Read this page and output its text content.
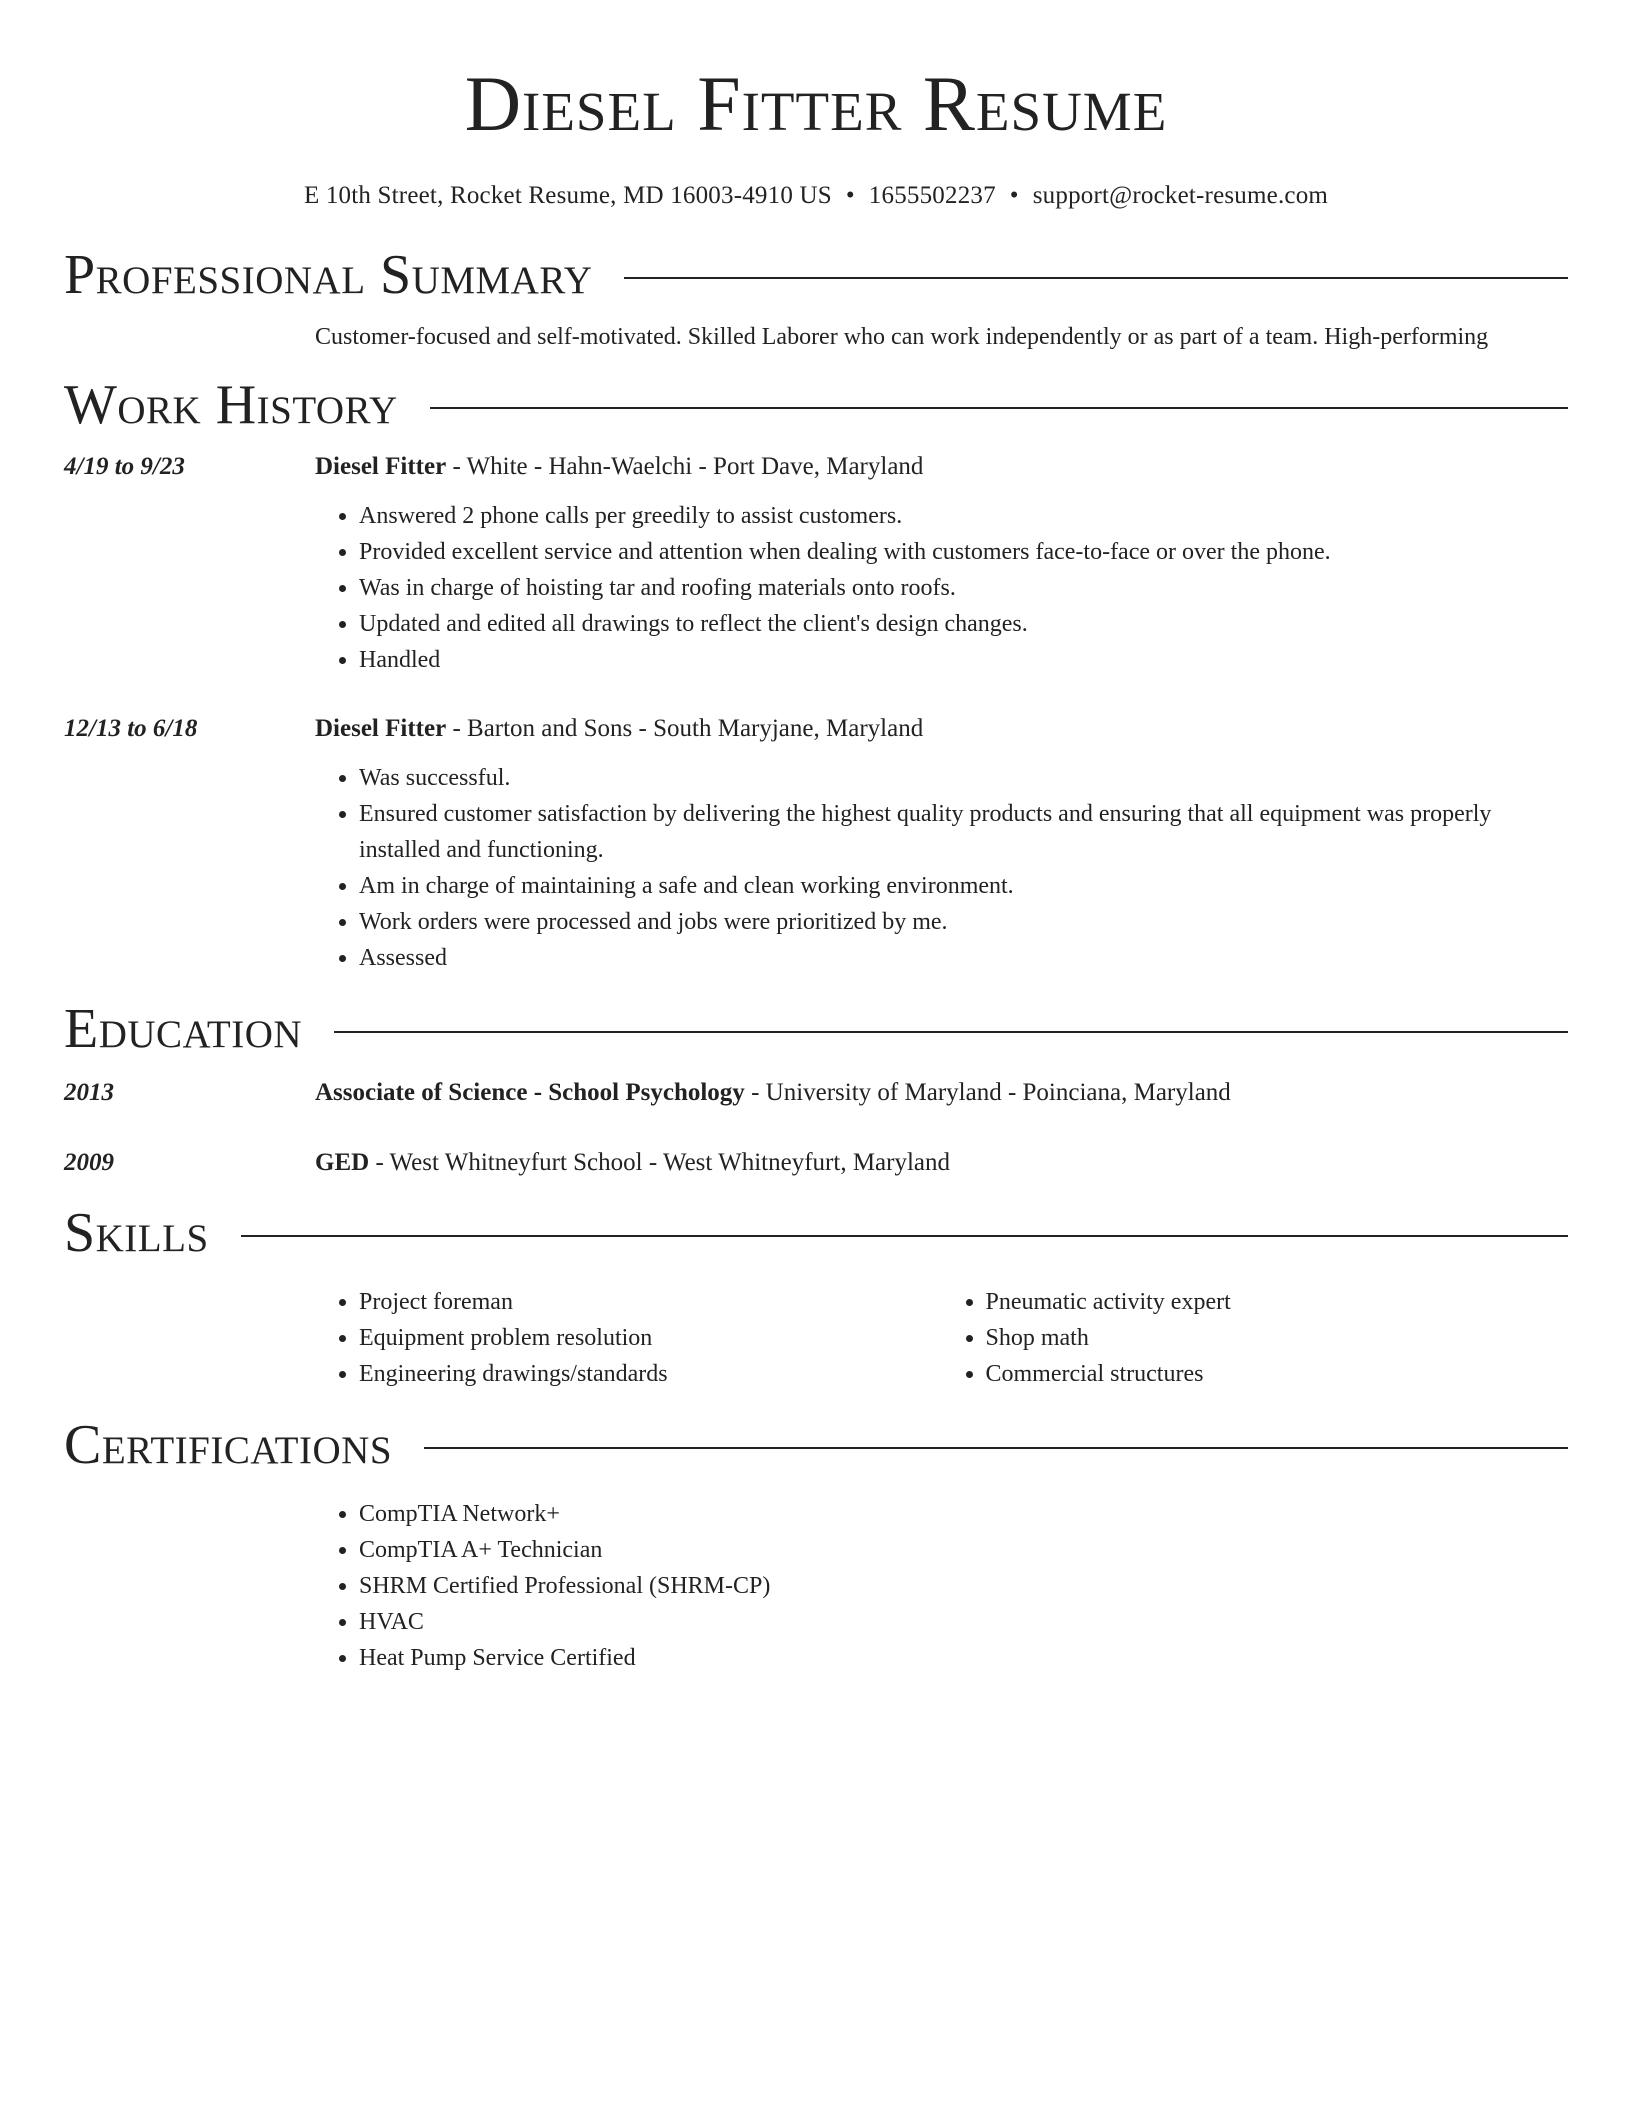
Diesel Fitter Resume
E 10th Street, Rocket Resume, MD 16003-4910 US • 1655502237 • support@rocket-resume.com
Professional Summary
Customer-focused and self-motivated. Skilled Laborer who can work independently or as part of a team. High-performing
Work History
4/19 to 9/23	Diesel Fitter - White - Hahn-Waelchi - Port Dave, Maryland
• Answered 2 phone calls per greedily to assist customers.
• Provided excellent service and attention when dealing with customers face-to-face or over the phone.
• Was in charge of hoisting tar and roofing materials onto roofs.
• Updated and edited all drawings to reflect the client's design changes.
• Handled
12/13 to 6/18	Diesel Fitter - Barton and Sons - South Maryjane, Maryland
• Was successful.
• Ensured customer satisfaction by delivering the highest quality products and ensuring that all equipment was properly installed and functioning.
• Am in charge of maintaining a safe and clean working environment.
• Work orders were processed and jobs were prioritized by me.
• Assessed
Education
2013	Associate of Science - School Psychology - University of Maryland - Poinciana, Maryland
2009	GED - West Whitneyfurt School - West Whitneyfurt, Maryland
Skills
• Project foreman
• Equipment problem resolution
• Engineering drawings/standards
• Pneumatic activity expert
• Shop math
• Commercial structures
Certifications
• CompTIA Network+
• CompTIA A+ Technician
• SHRM Certified Professional (SHRM-CP)
• HVAC
• Heat Pump Service Certified
